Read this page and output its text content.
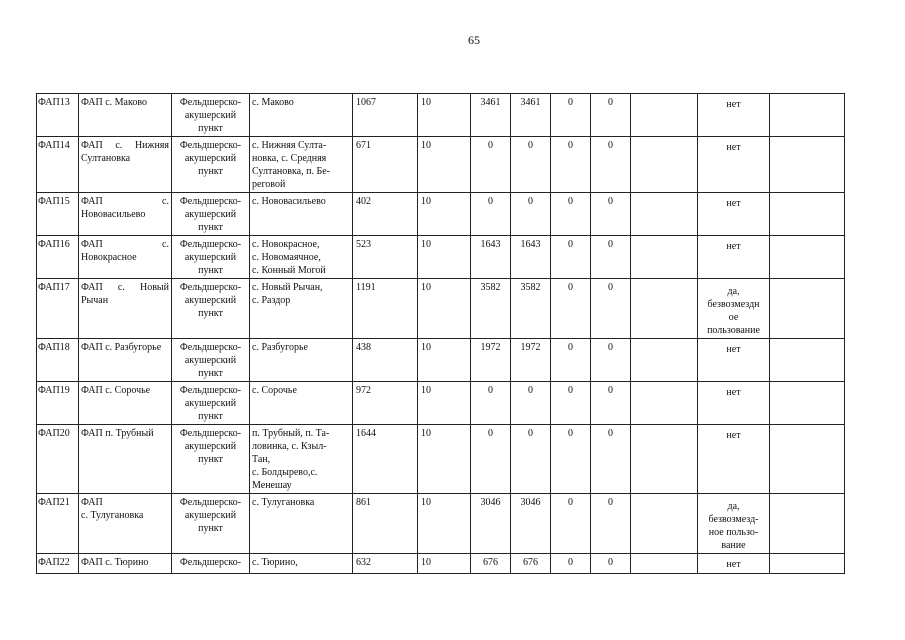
65
ФАП13	ФАП с. Маково	Фельдшерско-
акушерский
пункт	с. Маково	1067	10	3461	3461	0	0		нет	
ФАП14	ФАП с. Нижняя Султановка	Фельдшерско-
акушерский
пункт	с. Нижняя Султа-
новка, с. Средняя
Султановка, п. Бе-
реговой	671	10	0	0	0	0		нет	
ФАП15	ФАП с. Нововасильево	Фельдшерско-
акушерский
пункт	с. Нововасильево	402	10	0	0	0	0		нет	
ФАП16	ФАП с. Новокрасное	Фельдшерско-
акушерский
пункт	с. Новокрасное,
с. Новомаячное,
с. Конный Могой	523	10	1643	1643	0	0		нет	
ФАП17	ФАП с. Новый Рычан	Фельдшерско-
акушерский
пункт	с. Новый Рычан,
с. Раздор	1191	10	3582	3582	0	0		да,
безвозмездн
ое
пользование	
ФАП18	ФАП с. Разбугорье	Фельдшерско-
акушерский
пункт	с. Разбугорье	438	10	1972	1972	0	0		нет	
ФАП19	ФАП с. Сорочье	Фельдшерско-
акушерский
пункт	с. Сорочье	972	10	0	0	0	0		нет	
ФАП20	ФАП п. Трубный	Фельдшерско-
акушерский
пункт	п. Трубный, п. Та-
ловинка, с. Кзыл-
Тан,
с. Болдырево,с.
Менешау	1644	10	0	0	0	0		нет	
ФАП21	ФАП
с. Тулугановка	Фельдшерско-
акушерский
пункт	с. Тулугановка	861	10	3046	3046	0	0		да,
безвозмезд-
ное пользо-
вание	
ФАП22	ФАП с. Тюрино	Фельдшерско-	с. Тюрино,	632	10	676	676	0	0		нет	
